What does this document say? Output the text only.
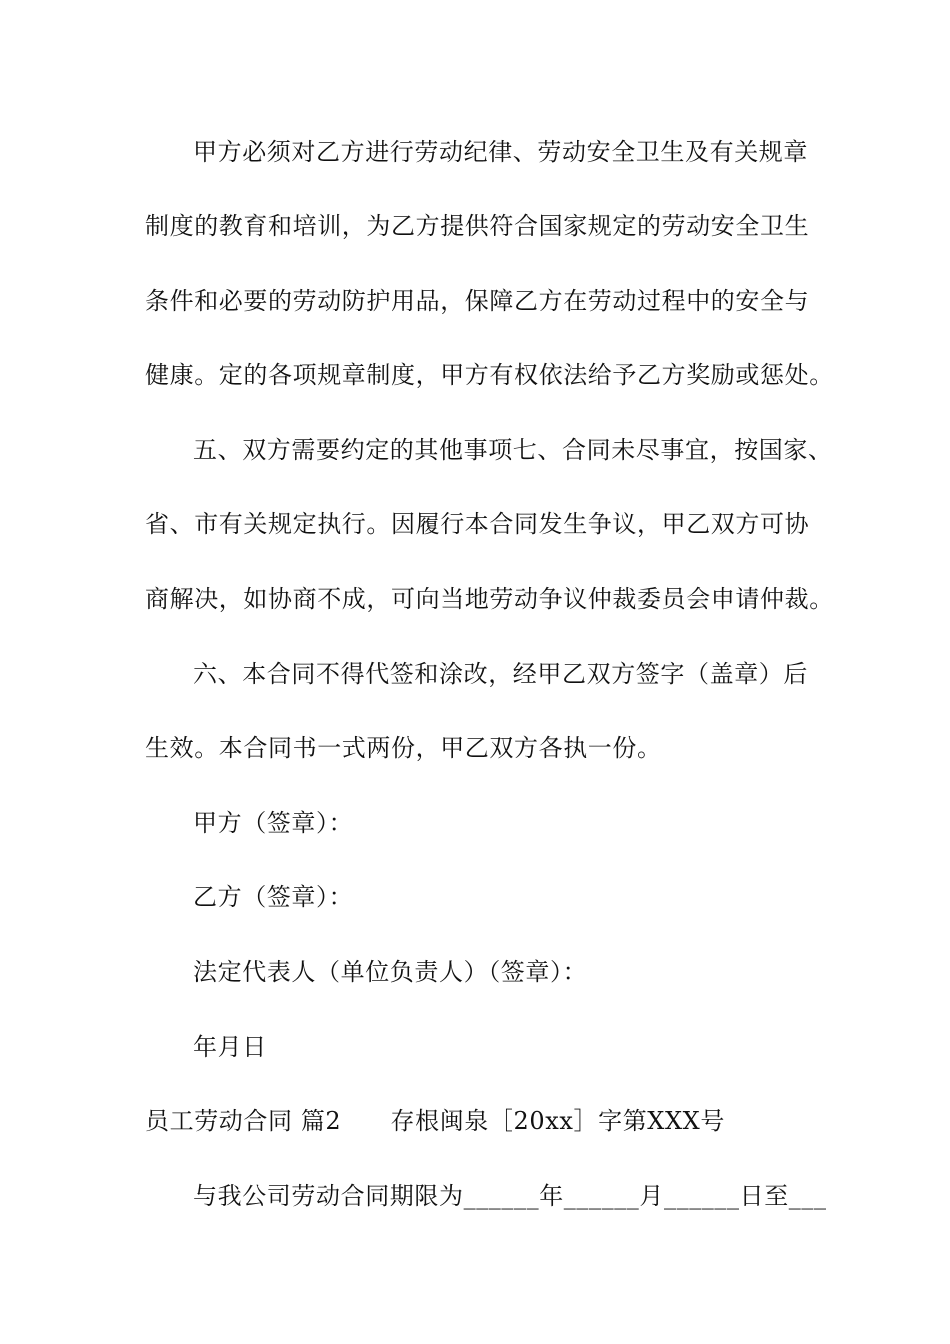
甲方必须对乙方进行劳动纪律、劳动安全卫生及有关规章
制度的教育和培训，为乙方提供符合国家规定的劳动安全卫生
条件和必要的劳动防护用品，保障乙方在劳动过程中的安全与
健康。定的各项规章制度，甲方有权依法给予乙方奖励或惩处。
五、双方需要约定的其他事项七、合同未尽事宜，按国家、
省、市有关规定执行。因履行本合同发生争议，甲乙双方可协
商解决，如协商不成，可向当地劳动争议仲裁委员会申请仲裁。
六、本合同不得代签和涂改，经甲乙双方签字（盖章）后
生效。本合同书一式两份，甲乙双方各执一份。
甲方（签章）：
乙方（签章）：
法定代表人（单位负责人）（签章）：
年月日
员工劳动合同 篇2　　存根闽泉［20xx］字第XXX号
与我公司劳动合同期限为______年______月______日至___
